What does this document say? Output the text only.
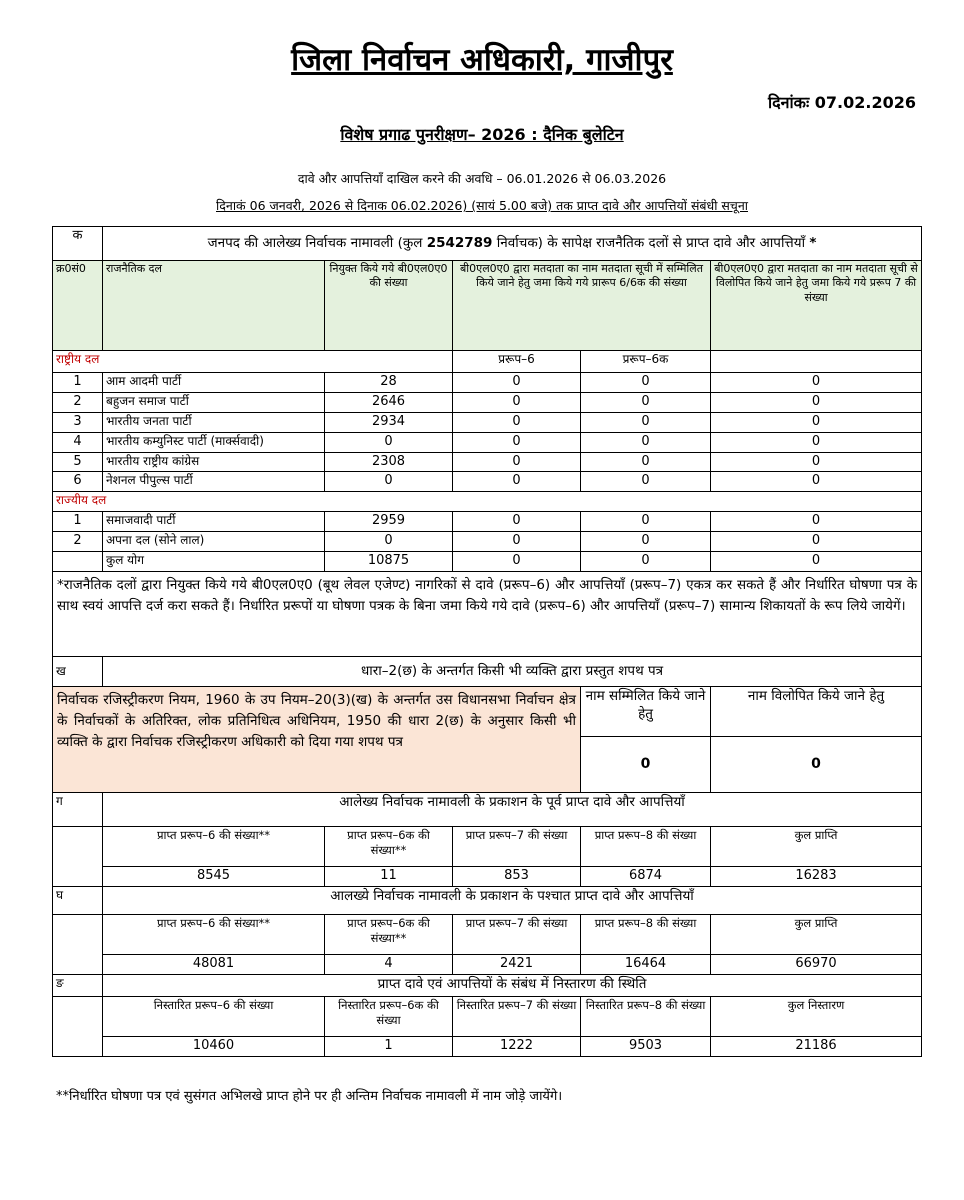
जिला निर्वाचन अधिकारी, गाजीपुर
दिनांकः 07.02.2026
विशेष प्रगाढ पुनरीक्षण– 2026 : दैनिक बुलेटिन
दावे और आपत्तियाँ दाखिल करने की अवधि – 06.01.2026 से 06.03.2026
दिनाकं 06 जनवरी, 2026 से दिनाक 06.02.2026) (सायं 5.00 बजे) तक प्राप्त दावे और आपत्तियों संबंधी सचूना
क	जनपद की आलेख्य निर्वाचक नामावली (कुल 2542789 निर्वाचक) के सापेक्ष राजनैतिक दलों से प्राप्त दावे और आपत्तियाँ *				
क्र0सं0	राजनैतिक दल	नियुक्त किये गये बी0एल0ए0 की संख्या	बी0एल0ए0 द्वारा मतदाता का नाम मतदाता सूची में सम्मिलित किये जाने हेतु जमा किये गये प्रारूप 6/6क की संख्या		बी0एल0ए0 द्वारा मतदाता का नाम मतदाता सूची से विलोपित किये जाने हेतु जमा किये गये प्ररूप 7 की संख्या
राष्ट्रीय दल			प्ररूप–6	प्ररूप–6क	
1	आम आदमी पार्टी	28	0	0	0
2	बहुजन समाज पार्टी	2646	0	0	0
3	भारतीय जनता पार्टी	2934	0	0	0
4	भारतीय कम्युनिस्ट पार्टी (मार्क्सवादी)	0	0	0	0
5	भारतीय राष्ट्रीय कांग्रेस	2308	0	0	0
6	नेशनल पीपुल्स पार्टी	0	0	0	0
राज्यीय दल					
1	समाजवादी पार्टी	2959	0	0	0
2	अपना दल (सोने लाल)	0	0	0	0
	कुल योग	10875	0	0	0
*राजनैतिक दलों द्वारा नियुक्त किये गये बी0एल0ए0 (बूथ लेवल एजेण्ट) नागरिकों से दावे (प्ररूप–6) और आपत्तियाँ (प्ररूप–7) एकत्र कर सकते हैं और निर्धारित घोषणा पत्र के साथ स्वयं आपत्ति दर्ज करा सकते हैं। निर्धारित प्ररूपों या घोषणा पत्रक के बिना जमा किये गये दावे (प्ररूप–6) और आपत्तियाँ (प्ररूप–7) सामान्य शिकायतों के रूप लिये जायेगें।					
ख	धारा–2(छ) के अन्तर्गत किसी भी व्यक्ति द्वारा प्रस्तुत शपथ पत्र				
निर्वाचक रजिस्ट्रीकरण नियम, 1960 के उप नियम–20(3)(ख) के अन्तर्गत उस विधानसभा निर्वाचन क्षेत्र के निर्वाचकों के अतिरिक्त, लोक प्रतिनिधित्व अधिनियम, 1950 की धारा 2(छ) के अनुसार किसी भी व्यक्ति के द्वारा निर्वाचक रजिस्ट्रीकरण अधिकारी को दिया गया शपथ पत्र				नाम सम्मिलित किये जाने हेतु	नाम विलोपित किये जाने हेतु
				0	0
ग	आलेख्य निर्वाचक नामावली के प्रकाशन के पूर्व प्राप्त दावे और आपत्तियाँ				
	प्राप्त प्ररूप–6 की संख्या**	प्राप्त प्ररूप–6क की संख्या**	प्राप्त प्ररूप–7 की संख्या	प्राप्त प्ररूप–8 की संख्या	कुल प्राप्ति
	8545	11	853	6874	16283
घ	आलख्ये निर्वाचक नामावली के प्रकाशन के पश्चात प्राप्त दावे और आपत्तियाँ				
	प्राप्त प्ररूप–6 की संख्या**	प्राप्त प्ररूप–6क की संख्या**	प्राप्त प्ररूप–7 की संख्या	प्राप्त प्ररूप–8 की संख्या	कुल प्राप्ति
	48081	4	2421	16464	66970
ङ	प्राप्त दावे एवं आपत्तियों के संबंध में निस्तारण की स्थिति				
	निस्तारित प्ररूप–6 की संख्या	निस्तारित प्ररूप–6क की संख्या	निस्तारित प्ररूप–7 की संख्या	निस्तारित प्ररूप–8 की संख्या	कुल निस्तारण
	10460	1	1222	9503	21186
**निर्धारित घोषणा पत्र एवं सुसंगत अभिलखे प्राप्त होने पर ही अन्तिम निर्वाचक नामावली में नाम जोड़े जायेंगे।
